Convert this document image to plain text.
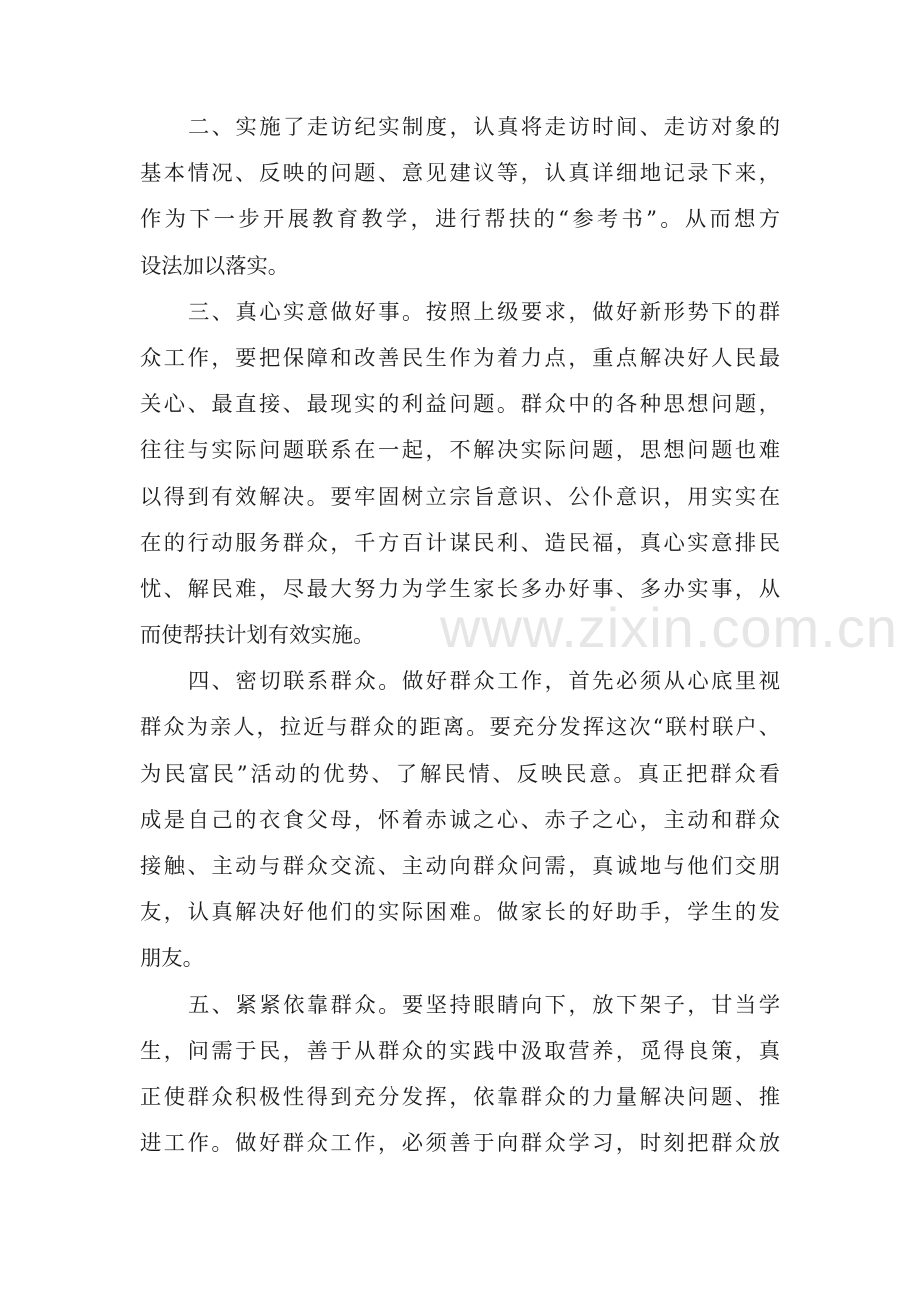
www.zixin.com.cn
二、实施了走访纪实制度，认真将走访时间、走访对象的
基本情况、反映的问题、意见建议等，认真详细地记录下来，
作为下一步开展教育教学，进行帮扶的“参考书”。从而想方
设法加以落实。
三、真心实意做好事。按照上级要求，做好新形势下的群
众工作，要把保障和改善民生作为着力点，重点解决好人民最
关心、最直接、最现实的利益问题。群众中的各种思想问题，
往往与实际问题联系在一起，不解决实际问题，思想问题也难
以得到有效解决。要牢固树立宗旨意识、公仆意识，用实实在
在的行动服务群众，千方百计谋民利、造民福，真心实意排民
忧、解民难，尽最大努力为学生家长多办好事、多办实事，从
而使帮扶计划有效实施。
四、密切联系群众。做好群众工作，首先必须从心底里视
群众为亲人，拉近与群众的距离。要充分发挥这次“联村联户、
为民富民”活动的优势、了解民情、反映民意。真正把群众看
成是自己的衣食父母，怀着赤诚之心、赤子之心，主动和群众
接触、主动与群众交流、主动向群众问需，真诚地与他们交朋
友，认真解决好他们的实际困难。做家长的好助手，学生的发
朋友。
五、紧紧依靠群众。要坚持眼睛向下，放下架子，甘当学
生，问需于民，善于从群众的实践中汲取营养，觅得良策，真
正使群众积极性得到充分发挥，依靠群众的力量解决问题、推
进工作。做好群众工作，必须善于向群众学习，时刻把群众放
